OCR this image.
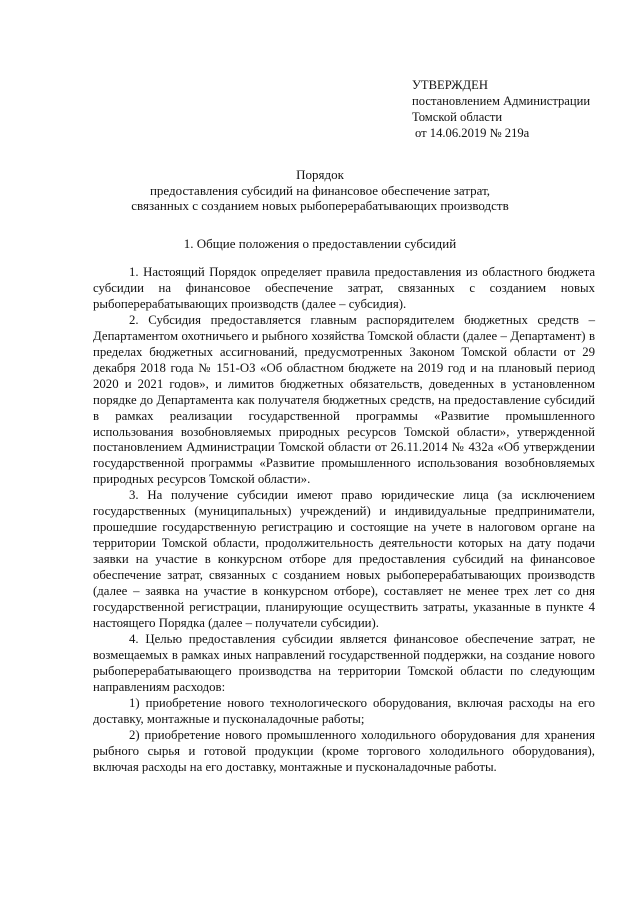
УТВЕРЖДЕН
постановлением Администрации
Томской области
от 14.06.2019 № 219а
Порядок
предоставления субсидий на финансовое обеспечение затрат,
связанных с созданием новых рыбоперерабатывающих производств
1. Общие положения о предоставлении субсидий

1. Настоящий Порядок определяет правила предоставления из областного бюджета субсидии на финансовое обеспечение затрат, связанных с созданием новых рыбоперерабатывающих производств (далее – субсидия).

2. Субсидия предоставляется главным распорядителем бюджетных средств – Департаментом охотничьего и рыбного хозяйства Томской области (далее – Департамент) в пределах бюджетных ассигнований, предусмотренных Законом Томской области от 29 декабря 2018 года № 151-ОЗ «Об областном бюджете на 2019 год и на плановый период 2020 и 2021 годов», и лимитов бюджетных обязательств, доведенных в установленном порядке до Департамента как получателя бюджетных средств, на предоставление субсидий в рамках реализации государственной программы «Развитие промышленного использования возобновляемых природных ресурсов Томской области», утвержденной постановлением Администрации Томской области от 26.11.2014 № 432а «Об утверждении государственной программы «Развитие промышленного использования возобновляемых природных ресурсов Томской области».

3. На получение субсидии имеют право юридические лица (за исключением государственных (муниципальных) учреждений) и индивидуальные предприниматели, прошедшие государственную регистрацию и состоящие на учете в налоговом органе на территории Томской области, продолжительность деятельности которых на дату подачи заявки на участие в конкурсном отборе для предоставления субсидий на финансовое обеспечение затрат, связанных с созданием новых рыбоперерабатывающих производств (далее – заявка на участие в конкурсном отборе), составляет не менее трех лет со дня государственной регистрации, планирующие осуществить затраты, указанные в пункте 4 настоящего Порядка (далее – получатели субсидии).

4. Целью предоставления субсидии является финансовое обеспечение затрат, не возмещаемых в рамках иных направлений государственной поддержки, на создание нового рыбоперерабатывающего производства на территории Томской области по следующим направлениям расходов:

1) приобретение нового технологического оборудования, включая расходы на его доставку, монтажные и пусконаладочные работы;

2) приобретение нового промышленного холодильного оборудования для хранения рыбного сырья и готовой продукции (кроме торгового холодильного оборудования), включая расходы на его доставку, монтажные и пусконаладочные работы.
